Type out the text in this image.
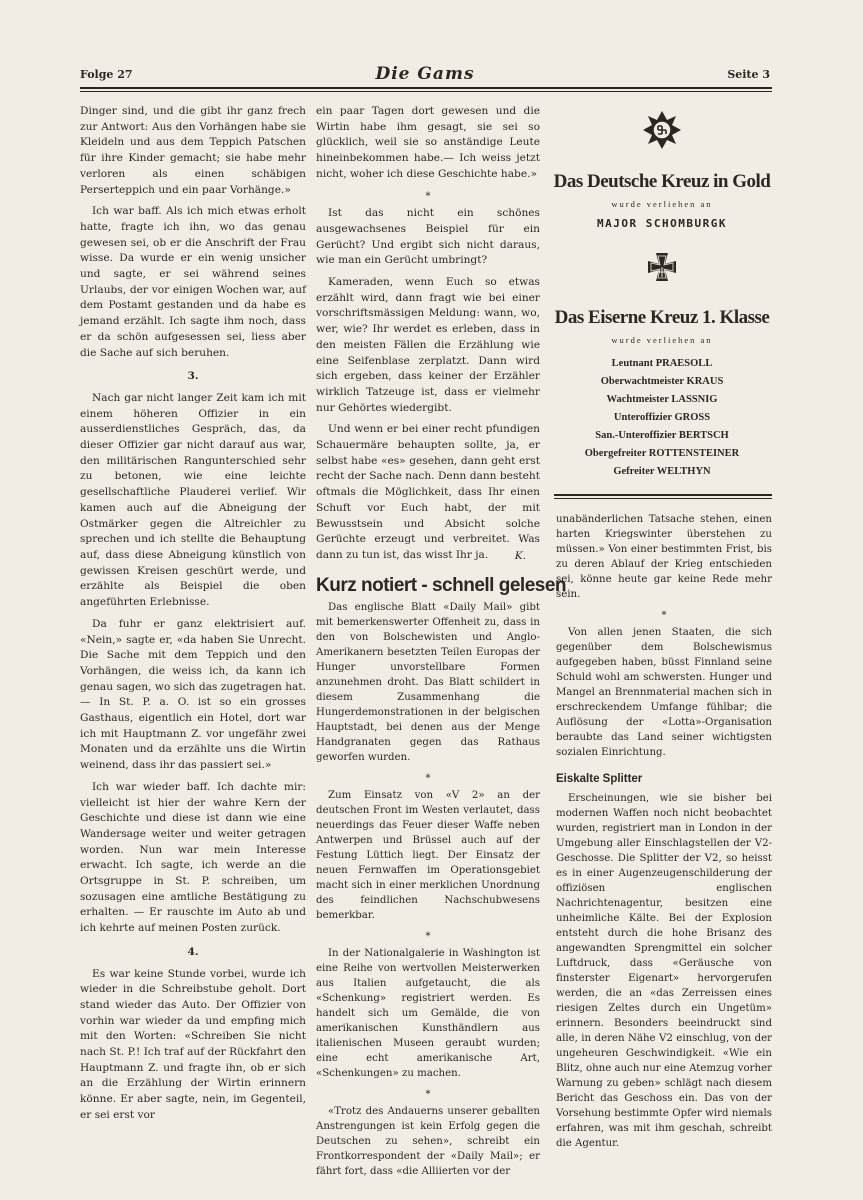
Folge 27	Die Gams	Seite 3

Dinger sind, und die gibt ihr ganz frech zur Antwort: Aus den Vorhängen habe sie Kleideln und aus dem Teppich Patschen für ihre Kinder gemacht; sie habe mehr verloren als einen schäbigen Perserteppich und ein paar Vorhänge.»

Ich war baff. Als ich mich etwas erholt hatte, fragte ich ihn, wo das genau gewesen sei, ob er die Anschrift der Frau wisse. Da wurde er ein wenig unsicher und sagte, er sei während seines Urlaubs, der vor einigen Wochen war, auf dem Postamt gestanden und da habe es jemand erzählt. Ich sagte ihm noch, dass er da schön aufgesessen sei, liess aber die Sache auf sich beruhen.

3.

Nach gar nicht langer Zeit kam ich mit einem höheren Offizier in ein ausserdienstliches Gespräch, das, da dieser Offizier gar nicht darauf aus war, den militärischen Rangunterschied sehr zu betonen, wie eine leichte gesellschaftliche Plauderei verlief. Wir kamen auch auf die Abneigung der Ostmärker gegen die Altreichler zu sprechen und ich stellte die Behauptung auf, dass diese Abneigung künstlich von gewissen Kreisen geschürt werde, und erzählte als Beispiel die oben angeführten Erlebnisse.

Da fuhr er ganz elektrisiert auf. «Nein,» sagte er, «da haben Sie Unrecht. Die Sache mit dem Teppich und den Vorhängen, die weiss ich, da kann ich genau sagen, wo sich das zugetragen hat. — In St. P. a. O. ist so ein grosses Gasthaus, eigentlich ein Hotel, dort war ich mit Hauptmann Z. vor ungefähr zwei Monaten und da erzählte uns die Wirtin weinend, dass ihr das passiert sei.»

Ich war wieder baff. Ich dachte mir: vielleicht ist hier der wahre Kern der Geschichte und diese ist dann wie eine Wandersage weiter und weiter getragen worden. Nun war mein Interesse erwacht. Ich sagte, ich werde an die Ortsgruppe in St. P. schreiben, um sozusagen eine amtliche Bestätigung zu erhalten. — Er rauschte im Auto ab und ich kehrte auf meinen Posten zurück.

4.

Es war keine Stunde vorbei, wurde ich wieder in die Schreibstube geholt. Dort stand wieder das Auto. Der Offizier von vorhin war wieder da und empfing mich mit den Worten: «Schreiben Sie nicht nach St. P.! Ich traf auf der Rückfahrt den Hauptmann Z. und fragte ihn, ob er sich an die Erzählung der Wirtin erinnern könne. Er aber sagte, nein, im Gegenteil, er sei erst vor

ein paar Tagen dort gewesen und die Wirtin habe ihm gesagt, sie sei so glücklich, weil sie so anständige Leute hineinbekommen habe.— Ich weiss jetzt nicht, woher ich diese Geschichte habe.»

*

Ist das nicht ein schönes ausgewachsenes Beispiel für ein Gerücht? Und ergibt sich nicht daraus, wie man ein Gerücht umbringt?

Kameraden, wenn Euch so etwas erzählt wird, dann fragt wie bei einer vorschriftsmässigen Meldung: wann, wo, wer, wie? Ihr werdet es erleben, dass in den meisten Fällen die Erzählung wie eine Seifenblase zerplatzt. Dann wird sich ergeben, dass keiner der Erzähler wirklich Tatzeuge ist, dass er vielmehr nur Gehörtes wiedergibt.

Und wenn er bei einer recht pfundigen Schauermäre behaupten sollte, ja, er selbst habe «es» gesehen, dann geht erst recht der Sache nach. Denn dann besteht oftmals die Möglichkeit, dass Ihr einen Schuft vor Euch habt, der mit Bewusstsein und Absicht solche Gerüchte erzeugt und verbreitet. Was dann zu tun ist, das wisst Ihr ja.	K.
Kurz notiert - schnell gelesen

Das englische Blatt «Daily Mail» gibt mit bemerkenswerter Offenheit zu, dass in den von Bolschewisten und Anglo-Amerikanern besetzten Teilen Europas der Hunger unvorstellbare Formen anzunehmen droht. Das Blatt schildert in diesem Zusammenhang die Hungerdemonstrationen in der belgischen Hauptstadt, bei denen aus der Menge Handgranaten gegen das Rathaus geworfen wurden.

*

Zum Einsatz von «V 2» an der deutschen Front im Westen verlautet, dass neuerdings das Feuer dieser Waffe neben Antwerpen und Brüssel auch auf der Festung Lüttich liegt. Der Einsatz der neuen Fernwaffen im Operationsgebiet macht sich in einer merklichen Unordnung des feindlichen Nachschubwesens bemerkbar.

*

In der Nationalgalerie in Washington ist eine Reihe von wertvollen Meisterwerken aus Italien aufgetaucht, die als «Schenkung» registriert werden. Es handelt sich um Gemälde, die von amerikanischen Kunsthändlern aus italienischen Museen geraubt wurden; eine echt amerikanische Art, «Schenkungen» zu machen.

*

«Trotz des Andauerns unserer geballten Anstrengungen ist kein Erfolg gegen die Deutschen zu sehen», schreibt ein Frontkorrespondent der «Daily Mail»; er fährt fort, dass «die Alliierten vor der

Das Deutsche Kreuz in Gold
wurde verliehen an
MAJOR SCHOMBURGK
Das Eiserne Kreuz 1. Klasse
wurde verliehen an
Leutnant PRAESOLL
Oberwachtmeister KRAUS
Wachtmeister LASSNIG
Unteroffizier GROSS
San.-Unteroffizier BERTSCH
Obergefreiter ROTTENSTEINER
Gefreiter WELTHYN

unabänderlichen Tatsache stehen, einen harten Kriegswinter überstehen zu müssen.» Von einer bestimmten Frist, bis zu deren Ablauf der Krieg entschieden sei, könne heute gar keine Rede mehr sein.

*

Von allen jenen Staaten, die sich gegenüber dem Bolschewismus aufgegeben haben, büsst Finnland seine Schuld wohl am schwersten. Hunger und Mangel an Brennmaterial machen sich in erschreckendem Umfange fühlbar; die Auflösung der «Lotta»-Organisation beraubte das Land seiner wichtigsten sozialen Einrichtung.

Eiskalte Splitter

Erscheinungen, wie sie bisher bei modernen Waffen noch nicht beobachtet wurden, registriert man in London in der Umgebung aller Einschlagstellen der V2-Geschosse. Die Splitter der V2, so heisst es in einer Augenzeugenschilderung der offiziösen englischen Nachrichtenagentur, besitzen eine unheimliche Kälte. Bei der Explosion entsteht durch die hohe Brisanz des angewandten Sprengmittel ein solcher Luftdruck, dass «Geräusche von finsterster Eigenart» hervorgerufen werden, die an «das Zerreissen eines riesigen Zeltes durch ein Ungetüm» erinnern. Besonders beeindruckt sind alle, in deren Nähe V2 einschlug, von der ungeheuren Geschwindigkeit. «Wie ein Blitz, ohne auch nur eine Atemzug vorher Warnung zu geben» schlägt nach diesem Bericht das Geschoss ein. Das von der Vorsehung bestimmte Opfer wird niemals erfahren, was mit ihm geschah, schreibt die Agentur.
